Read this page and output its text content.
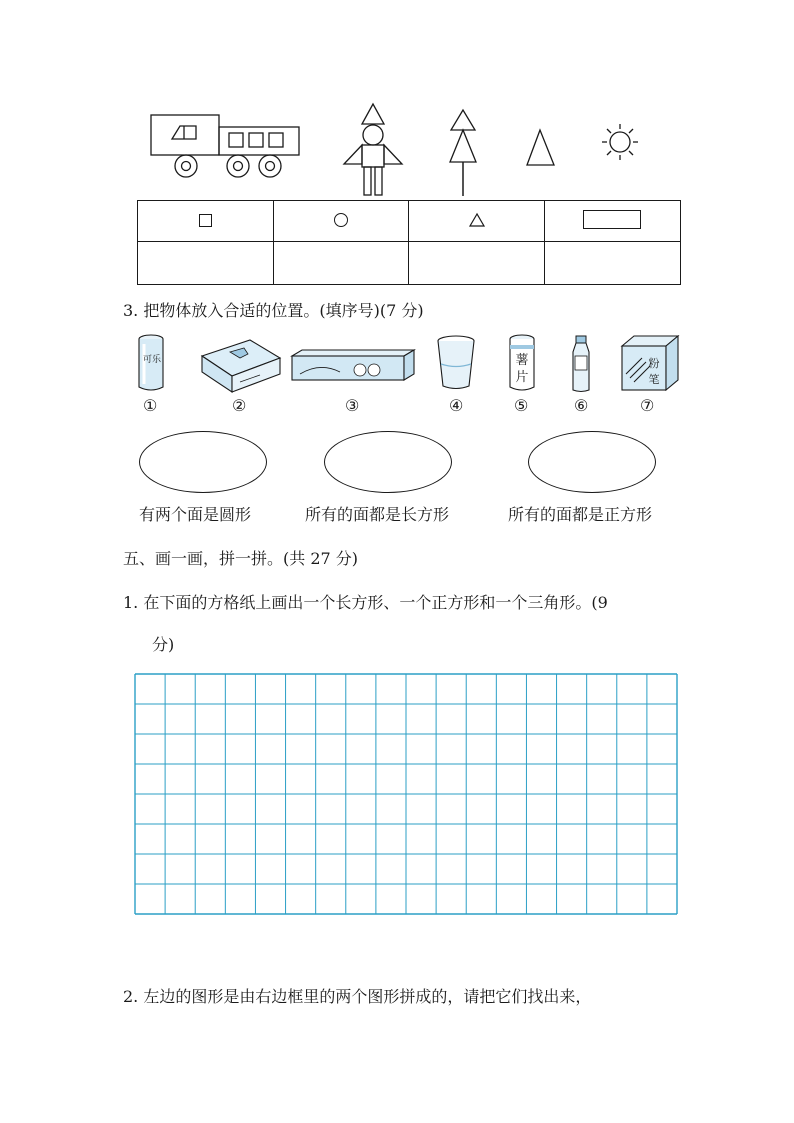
3. 把物体放入合适的位置。(填序号)(7 分)
可乐	薯片
粉笔
①	②	③	④	⑤	⑥	⑦
有两个面是圆形	所有的面都是长方形	所有的面都是正方形
五、画一画，拼一拼。(共 27 分)
1. 在下面的方格纸上画出一个长方形、一个正方形和一个三角形。(9
分)
2. 左边的图形是由右边框里的两个图形拼成的，请把它们找出来，
